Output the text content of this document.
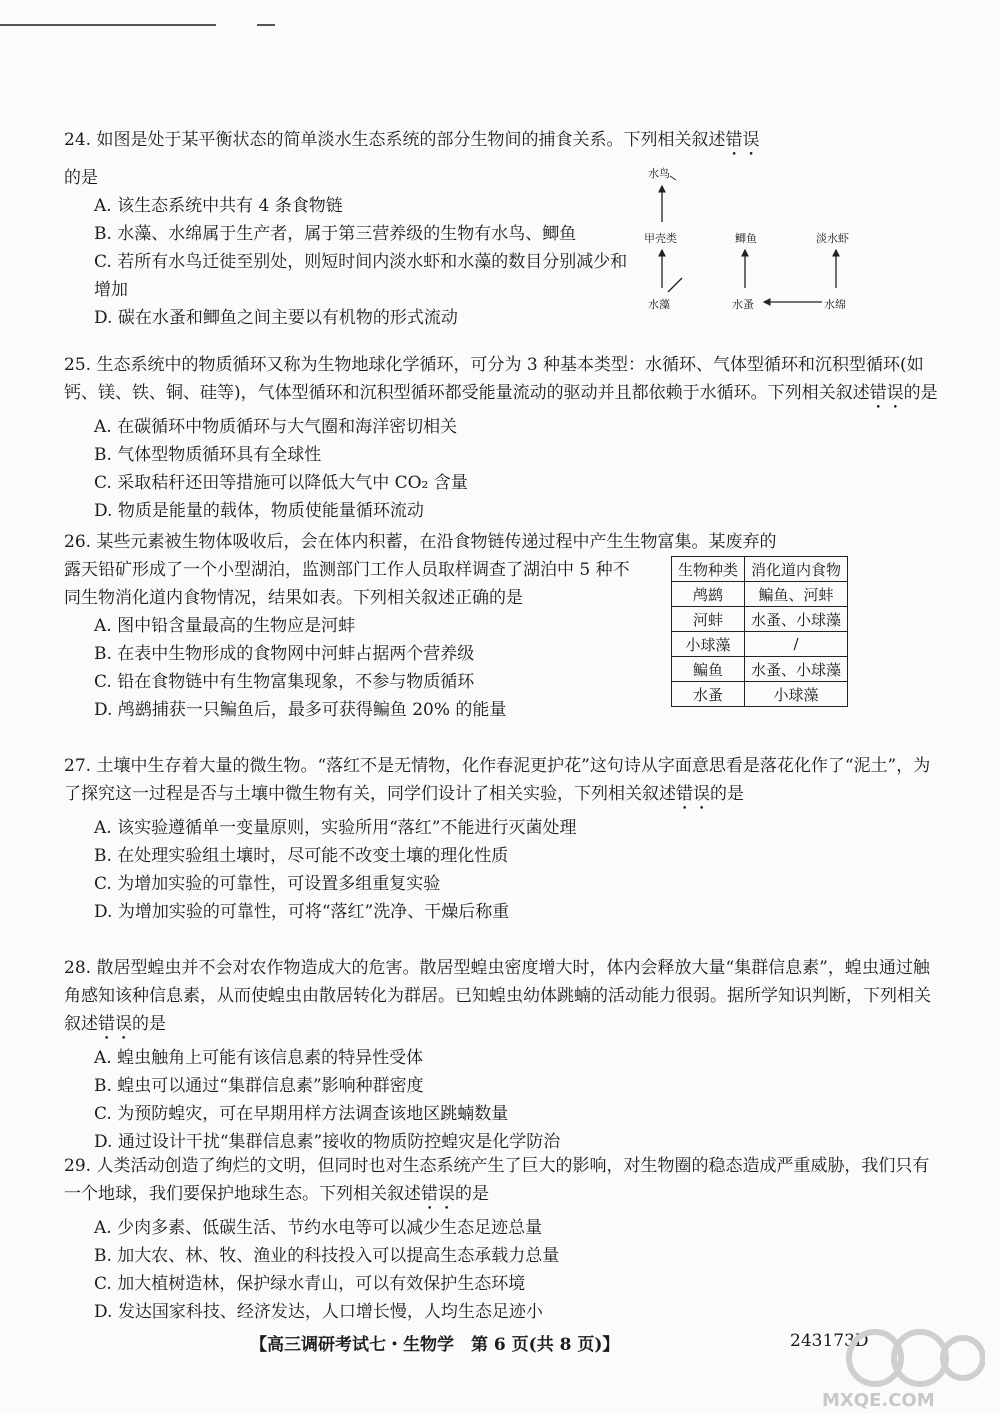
24. 如图是处于某平衡状态的简单淡水生态系统的部分生物间的捕食关系。下列相关叙述错误
的是
A. 该生态系统中共有 4 条食物链
B. 水藻、水绵属于生产者，属于第三营养级的生物有水鸟、鲫鱼
C. 若所有水鸟迁徙至别处，则短时间内淡水虾和水藻的数目分别减少和增加
D. 碳在水蚤和鲫鱼之间主要以有机物的形式流动
水鸟
甲壳类	鲫鱼	淡水虾
水藻	水蚤	水绵
25. 生态系统中的物质循环又称为生物地球化学循环，可分为 3 种基本类型：水循环、气体型循环和沉积型循环(如钙、镁、铁、铜、硅等)，气体型循环和沉积型循环都受能量流动的驱动并且都依赖于水循环。下列相关叙述错误的是
A. 在碳循环中物质循环与大气圈和海洋密切相关
B. 气体型物质循环具有全球性
C. 采取秸秆还田等措施可以降低大气中 CO₂ 含量
D. 物质是能量的载体，物质使能量循环流动
26. 某些元素被生物体吸收后，会在体内积蓄，在沿食物链传递过程中产生生物富集。某废弃的
露天铅矿形成了一个小型湖泊，监测部门工作人员取样调查了湖泊中 5 种不同生物消化道内食物情况，结果如表。下列相关叙述正确的是
A. 图中铅含量最高的生物应是河蚌
B. 在表中生物形成的食物网中河蚌占据两个营养级
C. 铅在食物链中有生物富集现象，不参与物质循环
D. 鸬鹚捕获一只鳊鱼后，最多可获得鳊鱼 20% 的能量
生物种类	消化道内食物
鸬鹚	鳊鱼、河蚌
河蚌	水蚤、小球藻
小球藻	/
鳊鱼	水蚤、小球藻
水蚤	小球藻
27. 土壤中生存着大量的微生物。“落红不是无情物，化作春泥更护花”这句诗从字面意思看是落花化作了“泥土”，为了探究这一过程是否与土壤中微生物有关，同学们设计了相关实验，下列相关叙述错误的是
A. 该实验遵循单一变量原则，实验所用“落红”不能进行灭菌处理
B. 在处理实验组土壤时，尽可能不改变土壤的理化性质
C. 为增加实验的可靠性，可设置多组重复实验
D. 为增加实验的可靠性，可将“落红”洗净、干燥后称重
28. 散居型蝗虫并不会对农作物造成大的危害。散居型蝗虫密度增大时，体内会释放大量“集群信息素”，蝗虫通过触角感知该种信息素，从而使蝗虫由散居转化为群居。已知蝗虫幼体跳蝻的活动能力很弱。据所学知识判断，下列相关叙述错误的是
A. 蝗虫触角上可能有该信息素的特异性受体
B. 蝗虫可以通过“集群信息素”影响种群密度
C. 为预防蝗灾，可在早期用样方法调查该地区跳蝻数量
D. 通过设计干扰“集群信息素”接收的物质防控蝗灾是化学防治
29. 人类活动创造了绚烂的文明，但同时也对生态系统产生了巨大的影响，对生物圈的稳态造成严重威胁，我们只有一个地球，我们要保护地球生态。下列相关叙述错误的是
A. 少肉多素、低碳生活、节约水电等可以减少生态足迹总量
B. 加大农、林、牧、渔业的科技投入可以提高生态承载力总量
C. 加大植树造林，保护绿水青山，可以有效保护生态环境
D. 发达国家科技、经济发达，人口增长慢，人均生态足迹小
【高三调研考试七・生物学　第 6 页(共 8 页)】	243173D
MXQE.COM
